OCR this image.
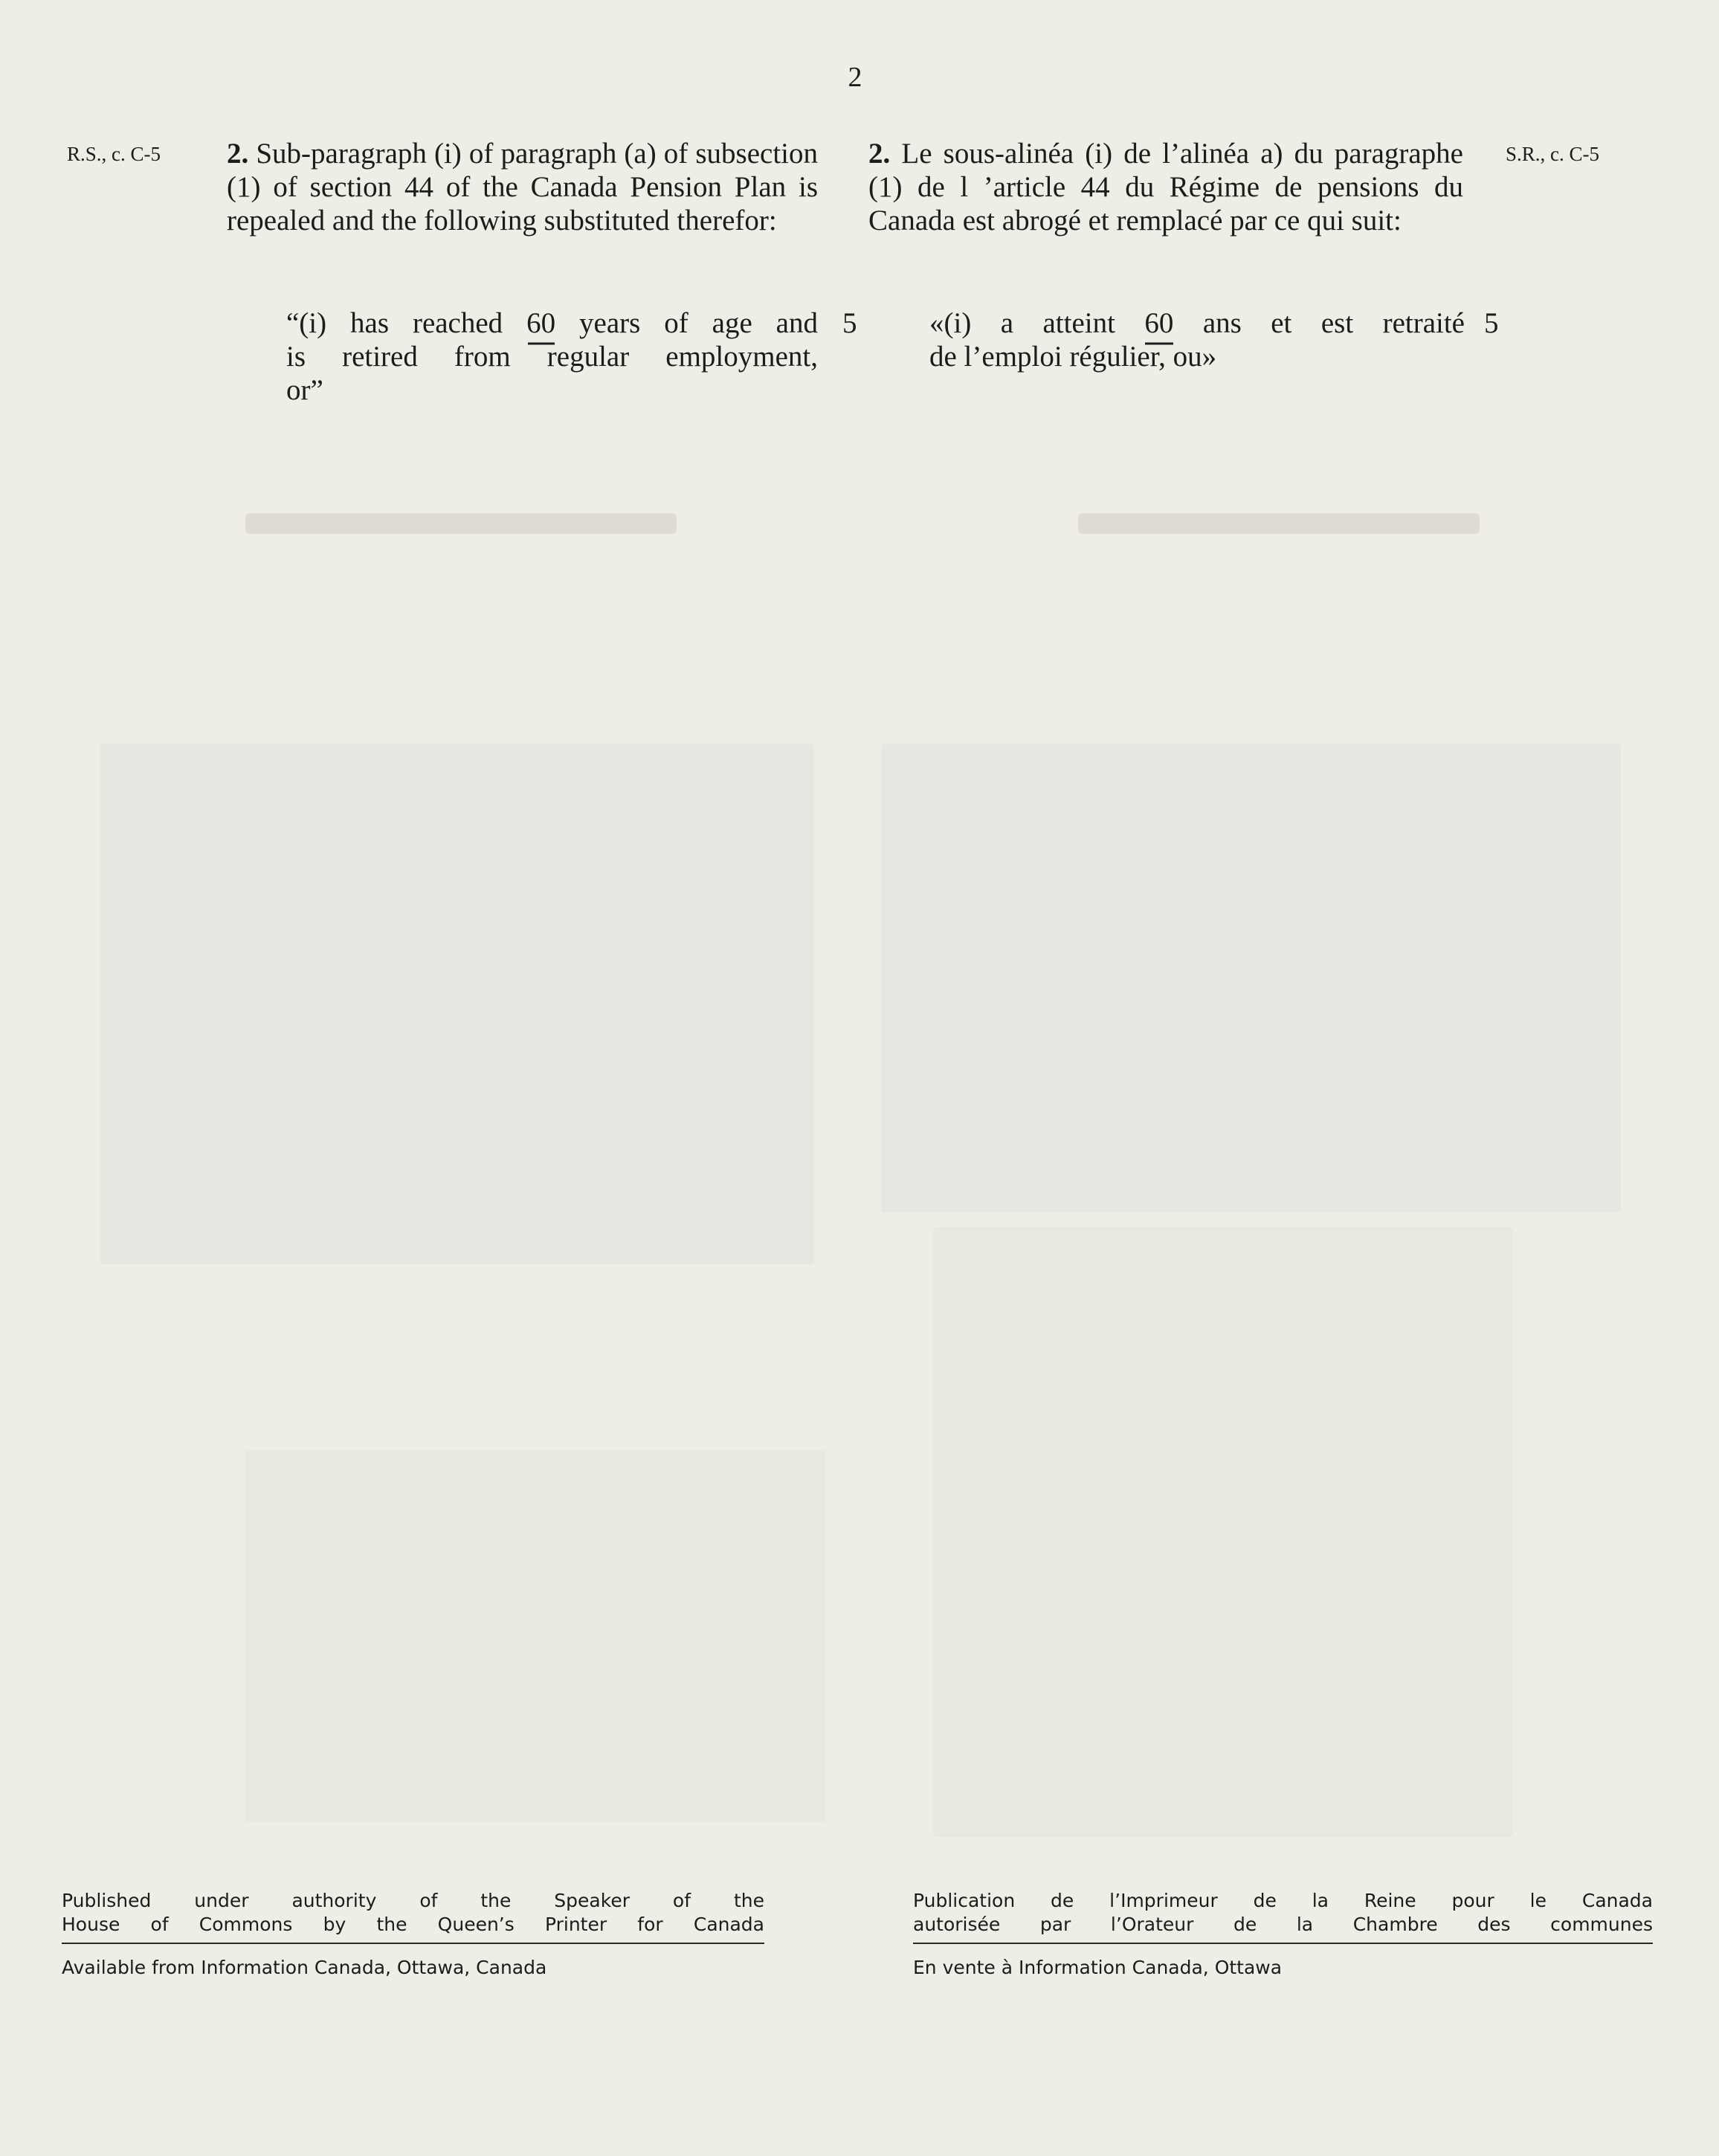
2
R.S., c. C-5	S.R., c. C-5

2. Sub-paragraph (i) of paragraph (a) of subsection (1) of section 44 of the Canada Pension Plan is repealed and the following substituted therefor:

“(i) has reached 60 years of age and
is retired from regular employment,
or”
5

2. Le sous-alinéa (i) de l’alinéa a) du paragraphe (1) de l ’article 44 du Régime de pensions du Canada est abrogé et remplacé par ce qui suit:

«(i) a atteint 60 ans et est retraité
de l’emploi régulier, ou»
5
Published under authority of the Speaker of the
House of Commons by the Queen’s Printer for Canada
Available from Information Canada, Ottawa, Canada
Publication de l’Imprimeur de la Reine pour le Canada
autorisée par l’Orateur de la Chambre des communes
En vente à Information Canada, Ottawa
